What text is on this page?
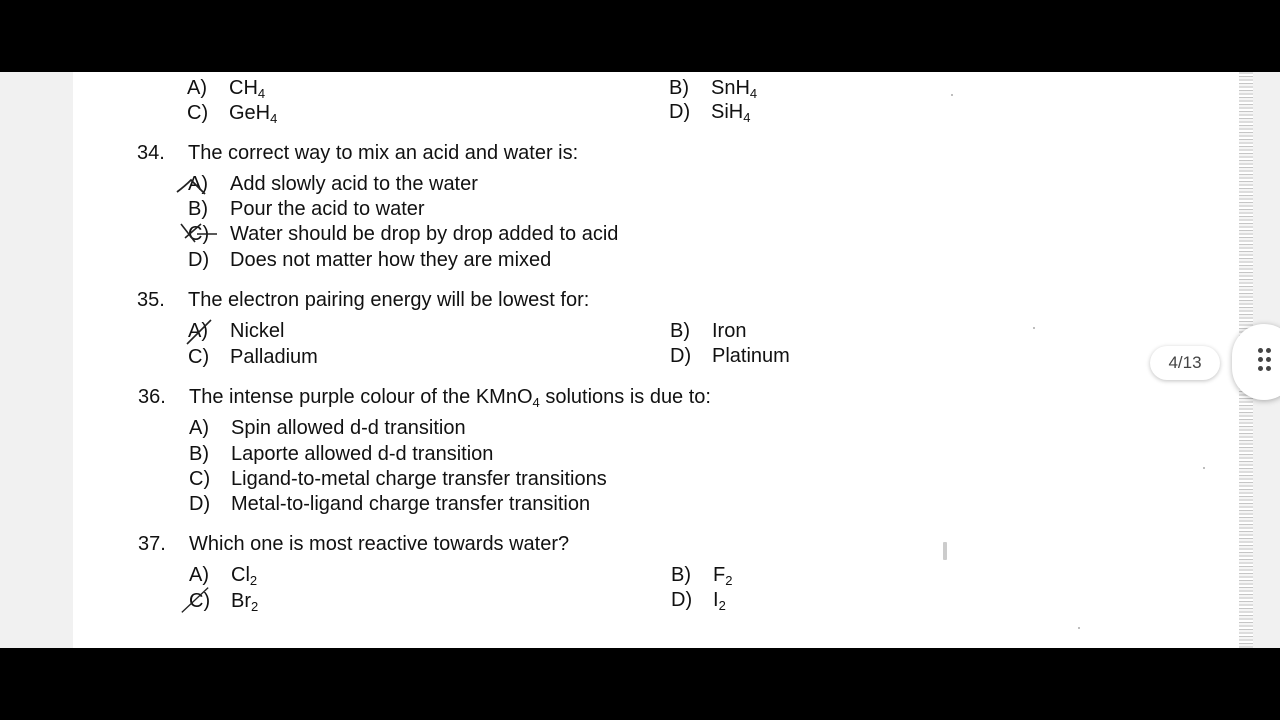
A) $CH_4$	B) SnH$_4$
C) GeH$_4$	D) SiH$_4$
34. The correct way to mix an acid and water is:
A) Add slowly acid to the water
B) Pour the acid to water
C) Water should be drop by drop added to acid
D) Does not matter how they are mixed
35. The electron pairing energy will be lowest for:
A) Nickel	B) Iron
C) Palladium	D) Platinum
36. The intense purple colour of the KMnO$_4$ solutions is due to:
A) Spin allowed d-d transition
B) Laporte allowed d-d transition
C) Ligand-to-metal charge transfer transitions
D) Metal-to-ligand charge transfer transition
37. Which one is most reactive towards water?
A) $Cl_2$	B) $F_2$
C) $Br_2$	D) $I_2$
4/13
